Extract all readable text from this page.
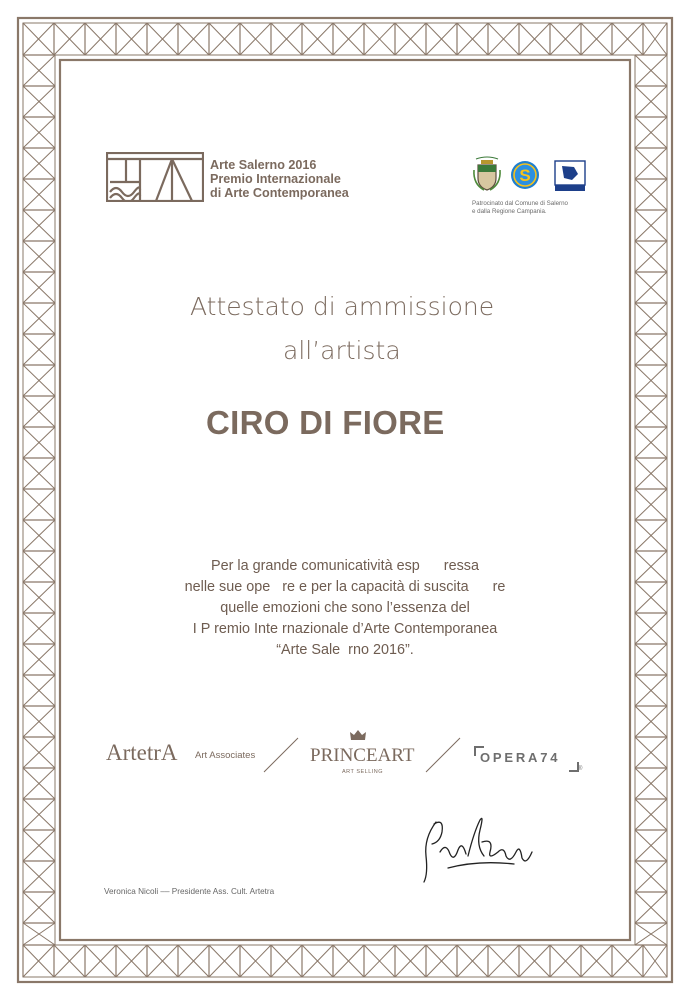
Arte Salerno 2016
Premio Internazionale
di Arte Contemporanea
S
Patrocinato dal Comune di Salerno
e dalla Regione Campania.
Attestato di ammissione
all’artista
CIRO DI FIORE
Per la grande comunicatività esp      ressa
nelle sue ope   re e per la capacità di suscita      re
quelle emozioni che sono l’essenza del
I P remio Inte rnazionale d’Arte Contemporanea
“Arte Sale  rno 2016”.
ArtetrA Art Associates	PRINCEART
ART SELLING
OPERA74
®
Veronica Nicoli –– Presidente Ass. Cult. Artetra
